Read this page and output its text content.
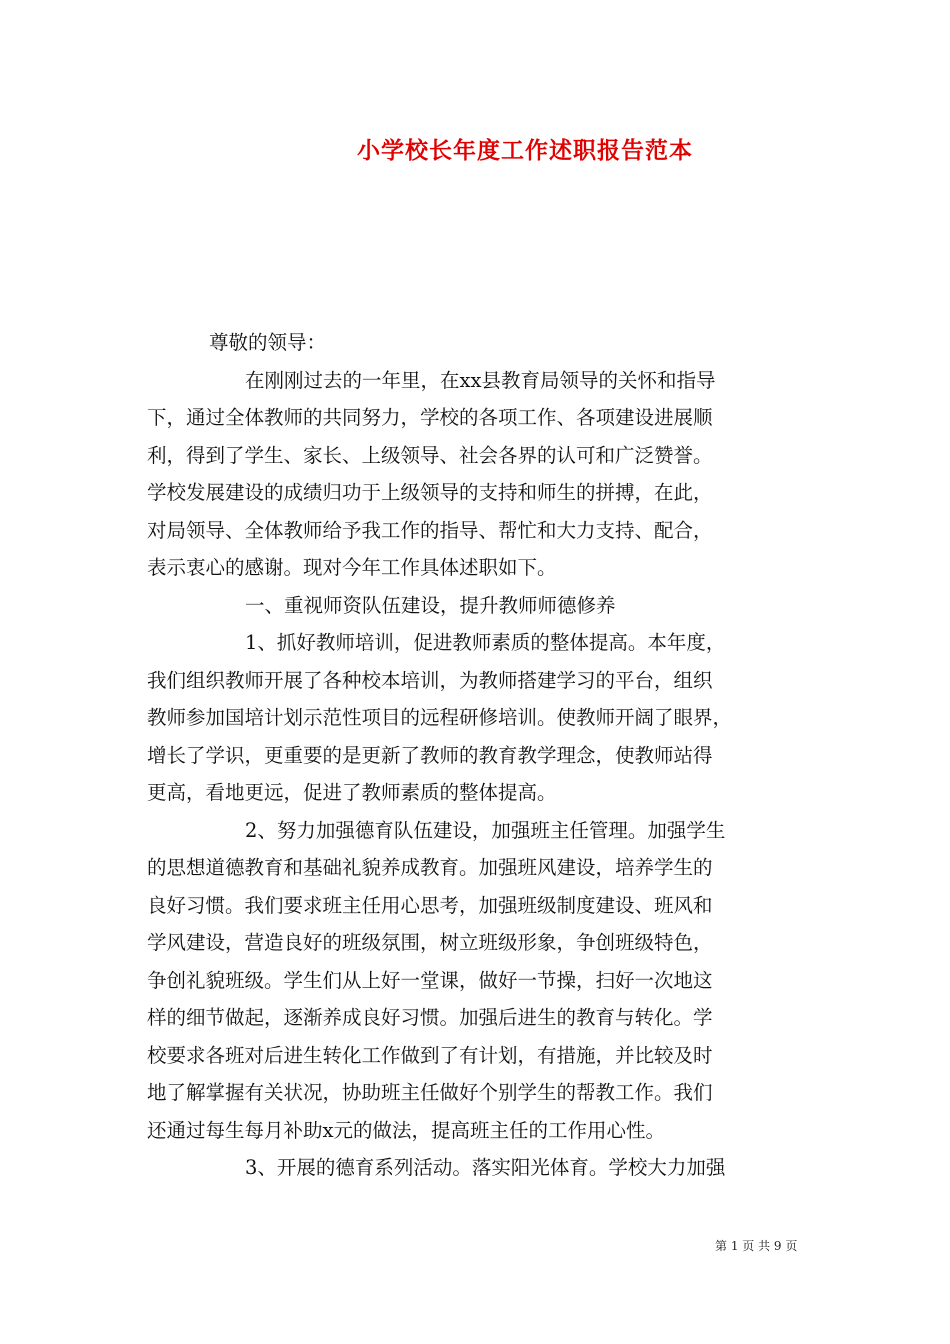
小学校长年度工作述职报告范本

尊敬的领导：

在刚刚过去的一年里，在xx县教育局领导的关怀和指导

下，通过全体教师的共同努力，学校的各项工作、各项建设进展顺

利，得到了学生、家长、上级领导、社会各界的认可和广泛赞誉。

学校发展建设的成绩归功于上级领导的支持和师生的拼搏，在此，

对局领导、全体教师给予我工作的指导、帮忙和大力支持、配合，

表示衷心的感谢。现对今年工作具体述职如下。

一、重视师资队伍建设，提升教师师德修养

1、抓好教师培训，促进教师素质的整体提高。本年度，

我们组织教师开展了各种校本培训，为教师搭建学习的平台，组织

教师参加国培计划示范性项目的远程研修培训。使教师开阔了眼界，

增长了学识，更重要的是更新了教师的教育教学理念，使教师站得

更高，看地更远，促进了教师素质的整体提高。

2、努力加强德育队伍建设，加强班主任管理。加强学生

的思想道德教育和基础礼貌养成教育。加强班风建设，培养学生的

良好习惯。我们要求班主任用心思考，加强班级制度建设、班风和

学风建设，营造良好的班级氛围，树立班级形象，争创班级特色，

争创礼貌班级。学生们从上好一堂课，做好一节操，扫好一次地这

样的细节做起，逐渐养成良好习惯。加强后进生的教育与转化。学

校要求各班对后进生转化工作做到了有计划，有措施，并比较及时

地了解掌握有关状况，协助班主任做好个别学生的帮教工作。我们

还通过每生每月补助x元的做法，提高班主任的工作用心性。

3、开展的德育系列活动。落实阳光体育。学校大力加强

第 1 页 共 9 页
